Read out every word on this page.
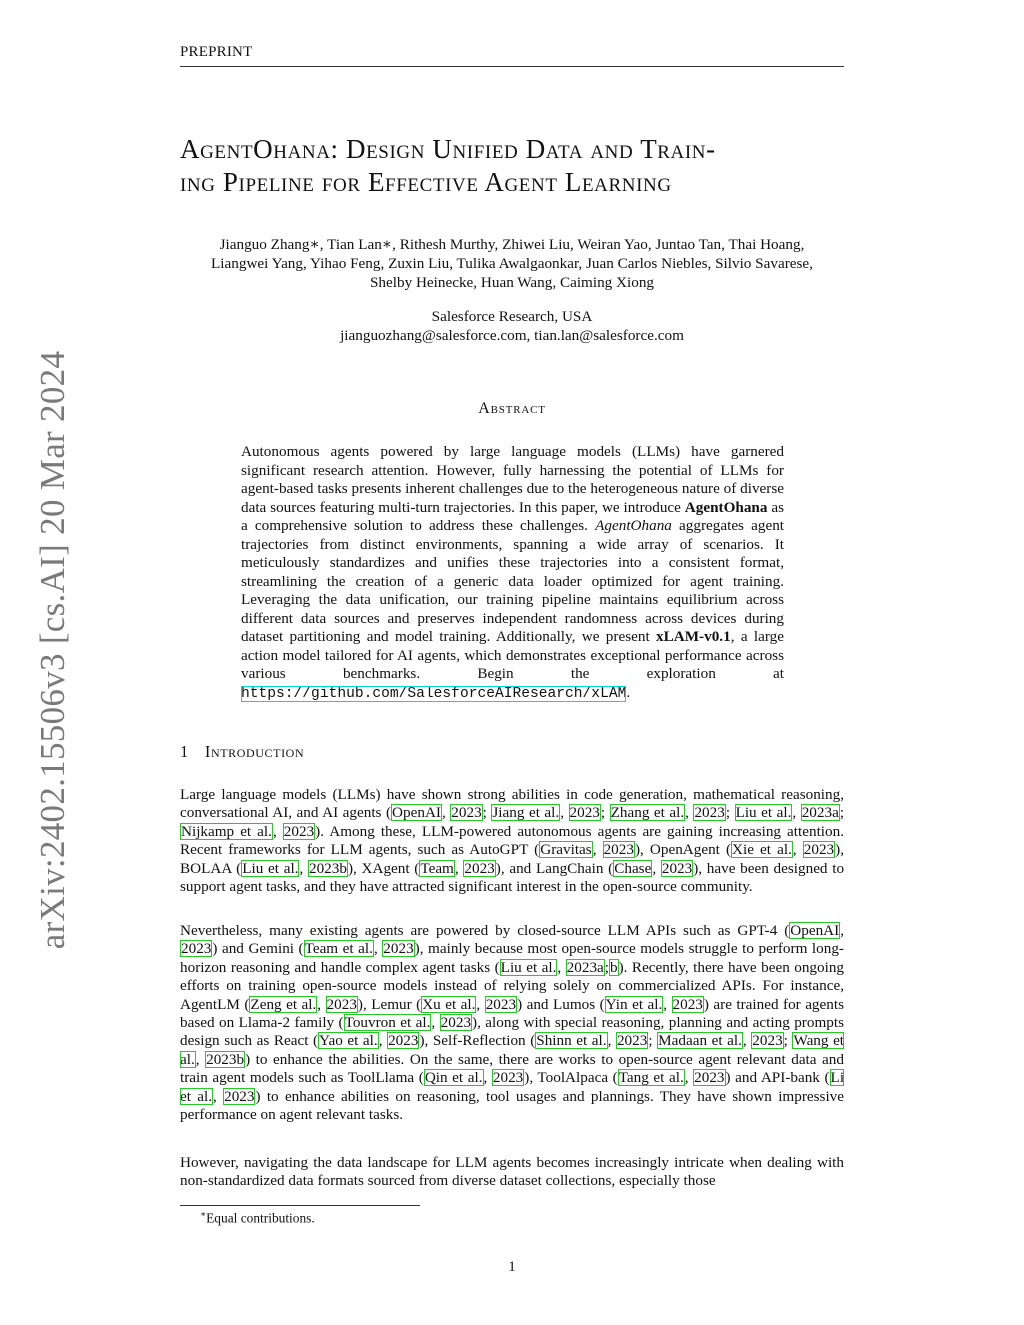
PREPRINT
arXiv:2402.15506v3 [cs.AI] 20 Mar 2024
AgentOhana: Design Unified Data and Train-
ing Pipeline for Effective Agent Learning
Jianguo Zhang∗, Tian Lan∗, Rithesh Murthy, Zhiwei Liu, Weiran Yao, Juntao Tan, Thai Hoang,
Liangwei Yang, Yihao Feng, Zuxin Liu, Tulika Awalgaonkar, Juan Carlos Niebles, Silvio Savarese,
Shelby Heinecke, Huan Wang, Caiming Xiong
Salesforce Research, USA
jianguozhang@salesforce.com, tian.lan@salesforce.com
Abstract
Autonomous agents powered by large language models (LLMs) have garnered significant research attention. However, fully harnessing the potential of LLMs for agent-based tasks presents inherent challenges due to the heterogeneous nature of diverse data sources featuring multi-turn trajectories. In this paper, we introduce AgentOhana as a comprehensive solution to address these challenges. AgentOhana aggregates agent trajectories from distinct environments, spanning a wide array of scenarios. It meticulously standardizes and unifies these trajectories into a consistent format, streamlining the creation of a generic data loader optimized for agent training. Leveraging the data unification, our training pipeline maintains equilibrium across different data sources and preserves independent randomness across devices during dataset partitioning and model training. Additionally, we present xLAM-v0.1, a large action model tailored for AI agents, which demonstrates exceptional performance across various benchmarks. Begin the exploration at https://github.com/SalesforceAIResearch/xLAM.
1 Introduction
Large language models (LLMs) have shown strong abilities in code generation, mathematical reasoning, conversational AI, and AI agents (OpenAI, 2023; Jiang et al., 2023; Zhang et al., 2023; Liu et al., 2023a; Nijkamp et al., 2023). Among these, LLM-powered autonomous agents are gaining increasing attention. Recent frameworks for LLM agents, such as AutoGPT (Gravitas, 2023), OpenAgent (Xie et al., 2023), BOLAA (Liu et al., 2023b), XAgent (Team, 2023), and LangChain (Chase, 2023), have been designed to support agent tasks, and they have attracted significant interest in the open-source community.
Nevertheless, many existing agents are powered by closed-source LLM APIs such as GPT-4 (OpenAI, 2023) and Gemini (Team et al., 2023), mainly because most open-source models struggle to perform long-horizon reasoning and handle complex agent tasks (Liu et al., 2023a;b). Recently, there have been ongoing efforts on training open-source models instead of relying solely on commercialized APIs. For instance, AgentLM (Zeng et al., 2023), Lemur (Xu et al., 2023) and Lumos (Yin et al., 2023) are trained for agents based on Llama-2 family (Touvron et al., 2023), along with special reasoning, planning and acting prompts design such as React (Yao et al., 2023), Self-Reflection (Shinn et al., 2023; Madaan et al., 2023; Wang et al., 2023b) to enhance the abilities. On the same, there are works to open-source agent relevant data and train agent models such as ToolLlama (Qin et al., 2023), ToolAlpaca (Tang et al., 2023) and API-bank (Li et al., 2023) to enhance abilities on reasoning, tool usages and plannings. They have shown impressive performance on agent relevant tasks.
However, navigating the data landscape for LLM agents becomes increasingly intricate when dealing with non-standardized data formats sourced from diverse dataset collections, especially those
∗Equal contributions.
1
